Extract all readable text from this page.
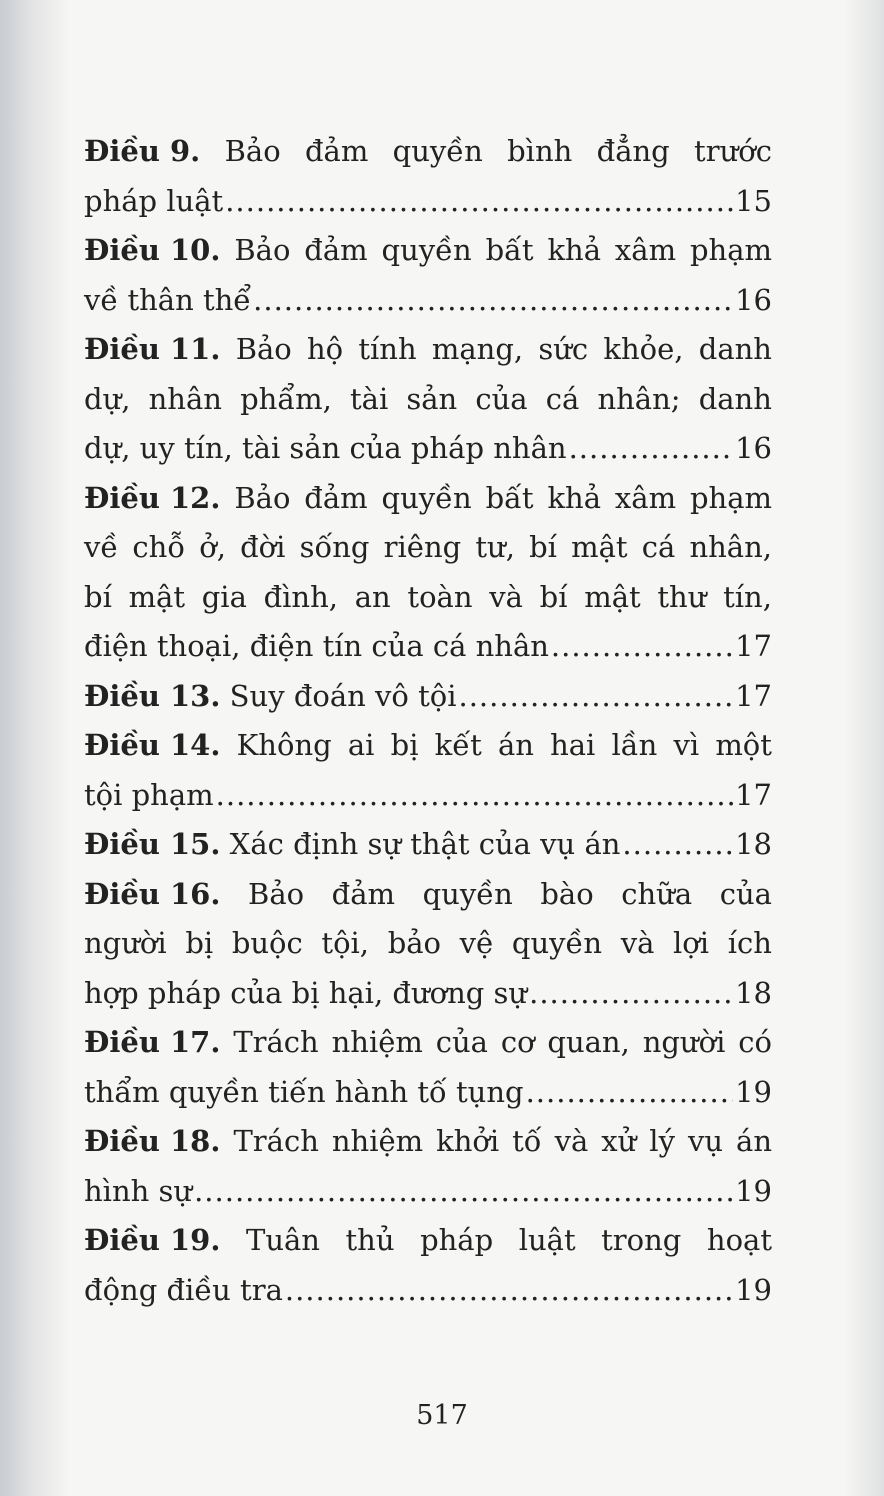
Điều 9. Bảo đảm quyền bình đẳng trước
pháp luật .....	15
Điều 10. Bảo đảm quyền bất khả xâm phạm
về thân thể .....	16
Điều 11. Bảo hộ tính mạng, sức khỏe, danh
dự, nhân phẩm, tài sản của cá nhân; danh
dự, uy tín, tài sản của pháp nhân .....	16
Điều 12. Bảo đảm quyền bất khả xâm phạm
về chỗ ở, đời sống riêng tư, bí mật cá nhân,
bí mật gia đình, an toàn và bí mật thư tín,
điện thoại, điện tín của cá nhân .....	17
Điều 13.
Suy đoán vô tội .....	17
Điều 14. Không ai bị kết án hai lần vì một
tội phạm .....	17
Điều 15.
Xác định sự thật của vụ án .....	18
Điều 16. Bảo đảm quyền bào chữa của
người bị buộc tội, bảo vệ quyền và lợi ích
hợp pháp của bị hại, đương sự .....	18
Điều 17. Trách nhiệm của cơ quan, người có
thẩm quyền tiến hành tố tụng .....	19
Điều 18. Trách nhiệm khởi tố và xử lý vụ án
hình sự .....	19
Điều 19. Tuân thủ pháp luật trong hoạt
động điều tra .....	19
517
